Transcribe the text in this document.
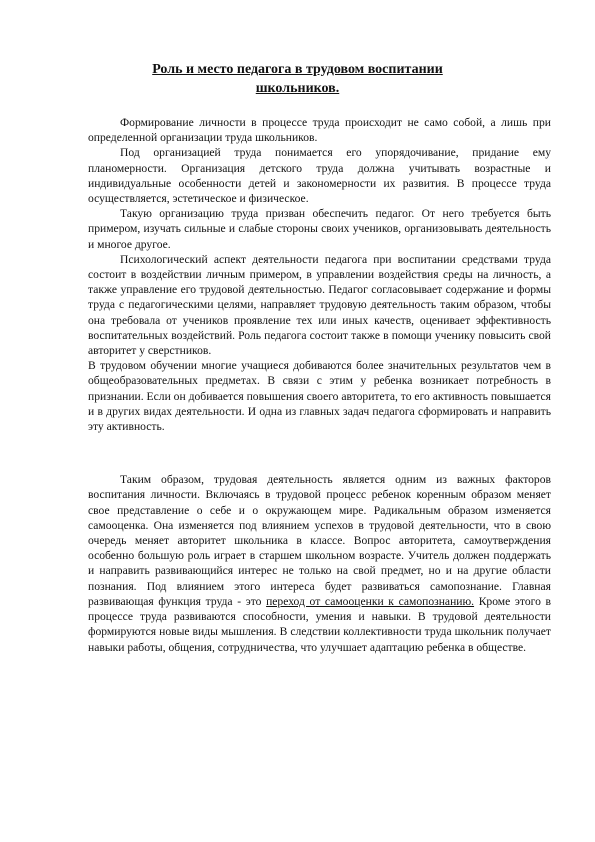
Роль и место педагога в трудовом воспитании
школьников.

Формирование личности в процессе труда происходит не само собой, а лишь при определенной организации труда школьников.

Под организацией труда понимается его упорядочивание, придание ему планомерности. Организация детского труда должна учитывать возрастные и индивидуальные особенности детей и закономерности их развития. В процессе труда осуществляется, эстетическое и физическое.

Такую организацию труда призван обеспечить педагог. От него требуется быть примером, изучать сильные и слабые стороны своих учеников, организовывать деятельность и многое другое.

Психологический аспект деятельности педагога при воспитании средствами труда состоит в воздействии личным примером, в управлении воздействия среды на личность, а также управление его трудовой деятельностью. Педагог согласовывает содержание и формы труда с педагогическими целями, направляет трудовую деятельность таким образом, чтобы она требовала от учеников проявление тех или иных качеств, оценивает эффективность воспитательных воздействий. Роль педагога состоит также в помощи ученику повысить свой авторитет у сверстников.

В трудовом обучении многие учащиеся добиваются более значительных результатов чем в общеобразовательных предметах. В связи с этим у ребенка возникает потребность в признании. Если он добивается повышения своего авторитета, то его активность повышается и в других видах деятельности. И одна из главных задач педагога сформировать и направить эту активность.

Таким образом, трудовая деятельность является одним из важных факторов воспитания личности. Включаясь в трудовой процесс ребенок коренным образом меняет свое представление о себе и о окружающем мире. Радикальным образом изменяется самооценка. Она изменяется под влиянием успехов в трудовой деятельности, что в свою очередь меняет авторитет школьника в классе. Вопрос авторитета, самоутверждения особенно большую роль играет в старшем школьном возрасте. Учитель должен поддержать и направить развивающийся интерес не только на свой предмет, но и на другие области познания. Под влиянием этого интереса будет развиваться самопознание. Главная развивающая функция труда - это переход от самооценки к самопознанию. Кроме этого в процессе труда развиваются способности, умения и навыки. В трудовой деятельности формируются новые виды мышления. В следствии коллективности труда школьник получает навыки работы, общения, сотрудничества, что улучшает адаптацию ребенка в обществе.
